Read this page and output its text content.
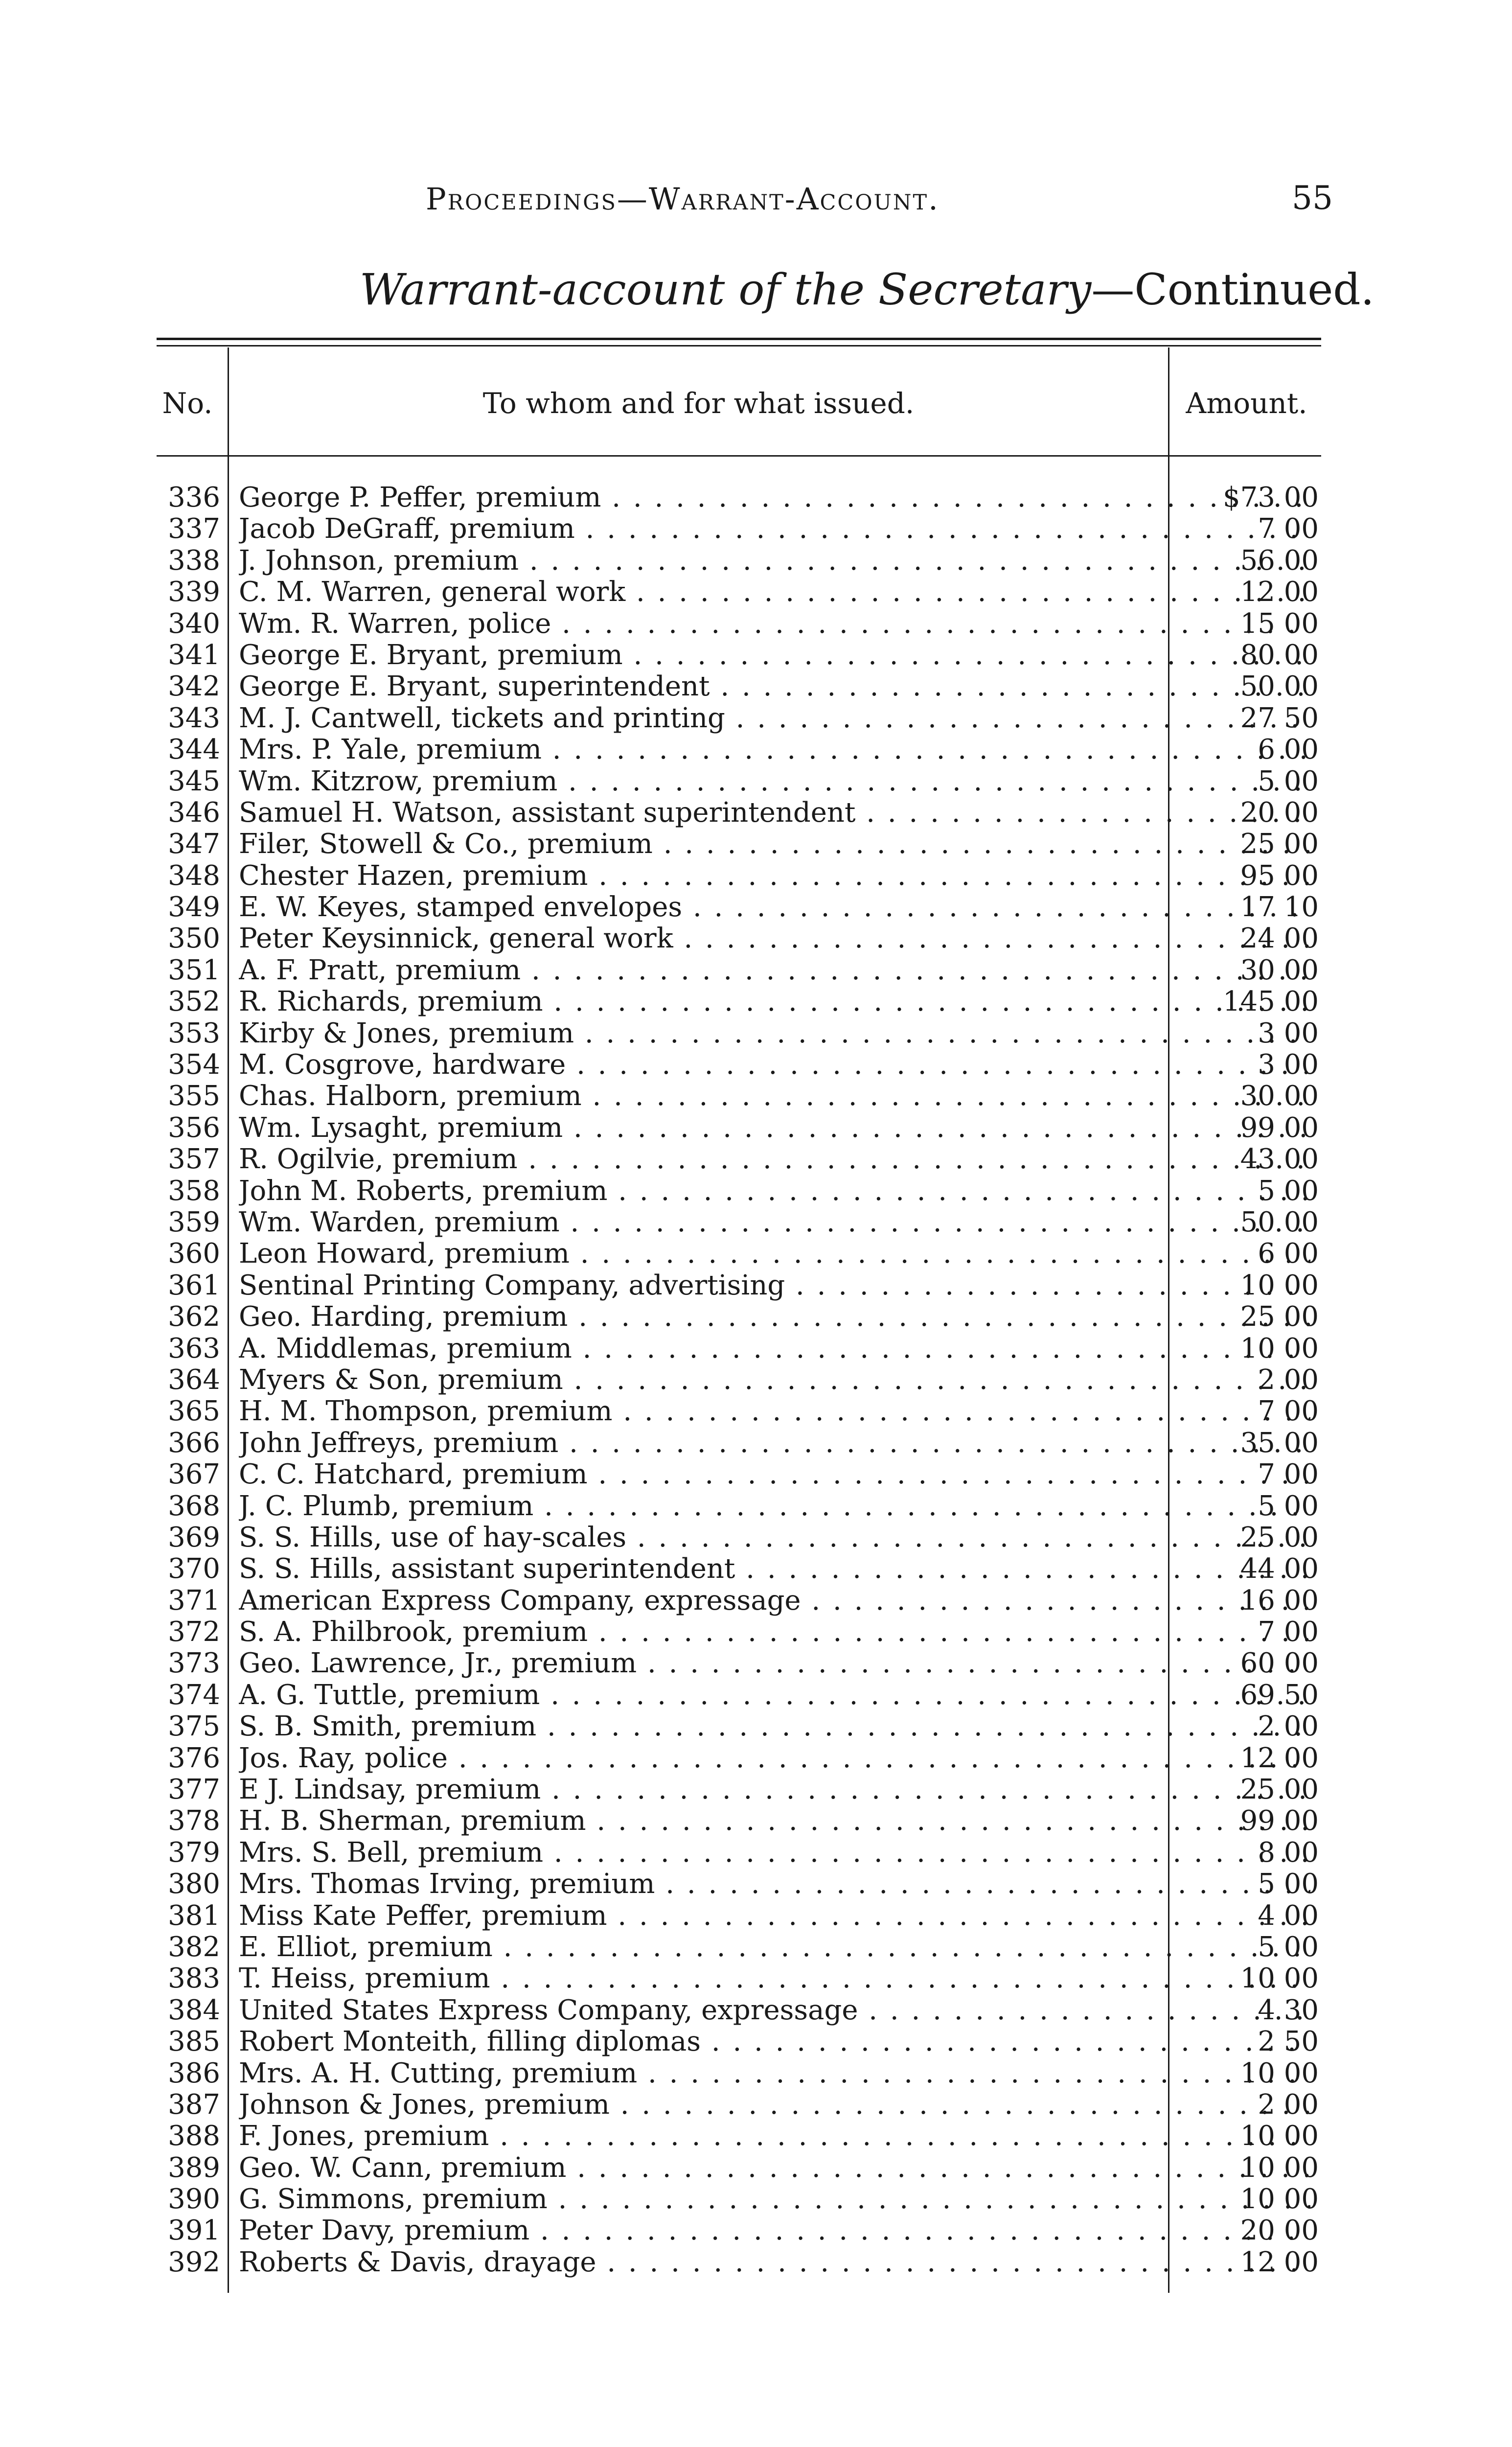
Proceedings—Warrant-Account.	55
Warrant-account of the Secretary—Continued.
No.	To whom and for what issued.	Amount.
336 George P. Peffer, premium . . .	$73 00
337 Jacob DeGraff, premium . . .	7 00
338 J. Johnson, premium . . .	56 00
339 C. M. Warren, general work . . .	12 00
340 Wm. R. Warren, police . . .	15 00
341 George E. Bryant, premium . . .	80 00
342 George E. Bryant, superintendent . . .	50 00
343 M. J. Cantwell, tickets and printing . . .	27 50
344 Mrs. P. Yale, premium . . .	6 00
345 Wm. Kitzrow, premium . . .	5 00
346 Samuel H. Watson, assistant superintendent . . .	20 00
347 Filer, Stowell & Co., premium . . .	25 00
348 Chester Hazen, premium . . .	95 00
349 E. W. Keyes, stamped envelopes . . .	17 10
350 Peter Keysinnick, general work . . .	24 00
351 A. F. Pratt, premium . . .	30 00
352 R. Richards, premium . . .	145 00
353 Kirby & Jones, premium . . .	3 00
354 M. Cosgrove, hardware . . .	3 00
355 Chas. Halborn, premium . . .	30 00
356 Wm. Lysaght, premium . . .	99 00
357 R. Ogilvie, premium . . .	43 00
358 John M. Roberts, premium . . .	5 00
359 Wm. Warden, premium . . .	50 00
360 Leon Howard, premium . . .	6 00
361 Sentinal Printing Company, advertising . . .	10 00
362 Geo. Harding, premium . . .	25 00
363 A. Middlemas, premium . . .	10 00
364 Myers & Son, premium . . .	2 00
365 H. M. Thompson, premium . . .	7 00
366 John Jeffreys, premium . . .	35 00
367 C. C. Hatchard, premium . . .	7 00
368 J. C. Plumb, premium . . .	5 00
369 S. S. Hills, use of hay-scales . . .	25 00
370 S. S. Hills, assistant superintendent . . .	44 00
371 American Express Company, expressage . . .	16 00
372 S. A. Philbrook, premium . . .	7 00
373 Geo. Lawrence, Jr., premium . . .	60 00
374 A. G. Tuttle, premium . . .	69 50
375 S. B. Smith, premium . . .	2 00
376 Jos. Ray, police . . .	12 00
377 E J. Lindsay, premium . . .	25 00
378 H. B. Sherman, premium . . .	99 00
379 Mrs. S. Bell, premium . . .	8 00
380 Mrs. Thomas Irving, premium . . .	5 00
381 Miss Kate Peffer, premium . . .	4 00
382 E. Elliot, premium . . .	5 00
383 T. Heiss, premium . . .	10 00
384 United States Express Company, expressage . . .	4 30
385 Robert Monteith, filling diplomas . . .	2 50
386 Mrs. A. H. Cutting, premium . . .	10 00
387 Johnson & Jones, premium . . .	2 00
388 F. Jones, premium . . .	10 00
389 Geo. W. Cann, premium . . .	10 00
390 G. Simmons, premium . . .	10 00
391 Peter Davy, premium . . .	20 00
392 Roberts & Davis, drayage . . .	12 00
